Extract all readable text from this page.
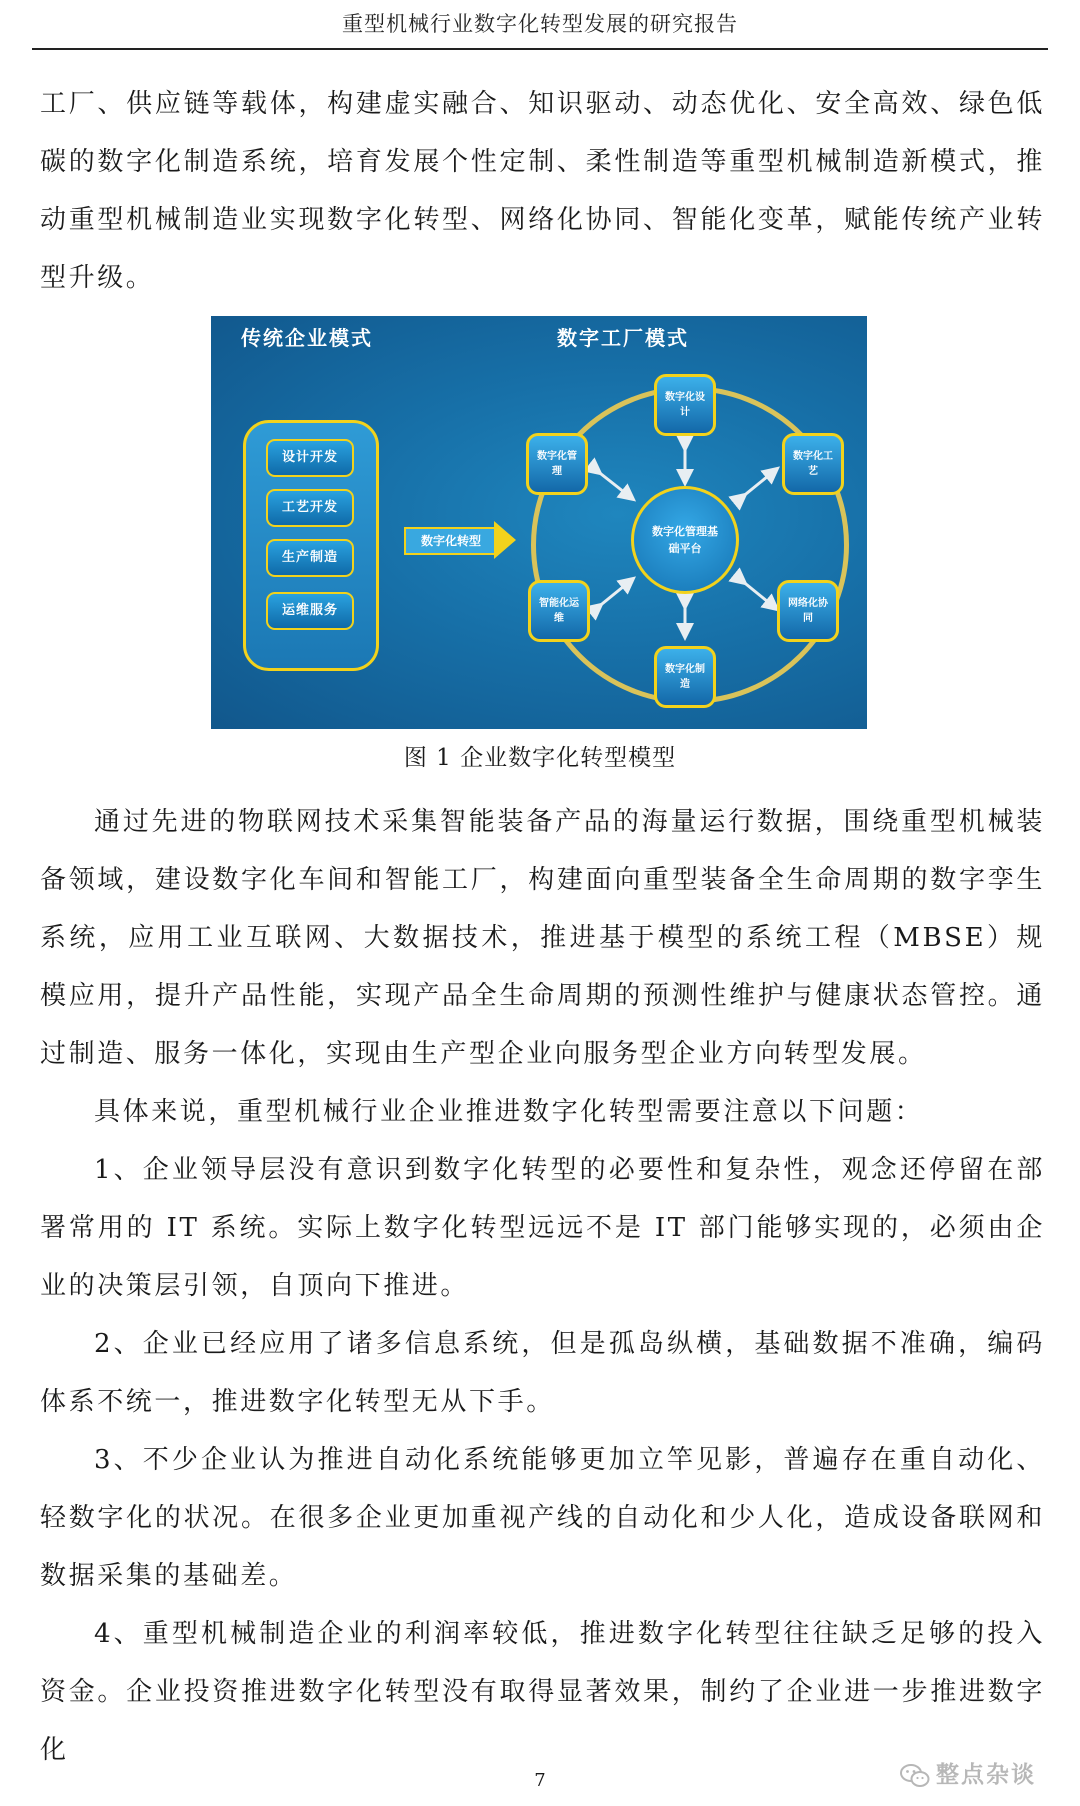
重型机械行业数字化转型发展的研究报告

工厂、供应链等载体，构建虚实融合、知识驱动、动态优化、安全高效、绿色低碳的数字化制造系统，培育发展个性定制、柔性制造等重型机械制造新模式，推动重型机械制造业实现数字化转型、网络化协同、智能化变革，赋能传统产业转型升级。

传统企业模式	数字工厂模式
设计开发
工艺开发
生产制造
运维服务
数字化转型
数字化管理基础平台
数字化设计
数字化管理
数字化工艺
智能化运维
网络化协同
数字化制造
图 1 企业数字化转型模型

通过先进的物联网技术采集智能装备产品的海量运行数据，围绕重型机械装备领域，建设数字化车间和智能工厂，构建面向重型装备全生命周期的数字孪生系统，应用工业互联网、大数据技术，推进基于模型的系统工程（MBSE）规模应用，提升产品性能，实现产品全生命周期的预测性维护与健康状态管控。通过制造、服务一体化，实现由生产型企业向服务型企业方向转型发展。

具体来说，重型机械行业企业推进数字化转型需要注意以下问题：

1、企业领导层没有意识到数字化转型的必要性和复杂性，观念还停留在部署常用的 IT 系统。实际上数字化转型远远不是 IT 部门能够实现的，必须由企业的决策层引领，自顶向下推进。

2、企业已经应用了诸多信息系统，但是孤岛纵横，基础数据不准确，编码体系不统一，推进数字化转型无从下手。

3、不少企业认为推进自动化系统能够更加立竿见影，普遍存在重自动化、轻数字化的状况。在很多企业更加重视产线的自动化和少人化，造成设备联网和数据采集的基础差。

4、重型机械制造企业的利润率较低，推进数字化转型往往缺乏足够的投入资金。企业投资推进数字化转型没有取得显著效果，制约了企业进一步推进数字化

7	整点杂谈
